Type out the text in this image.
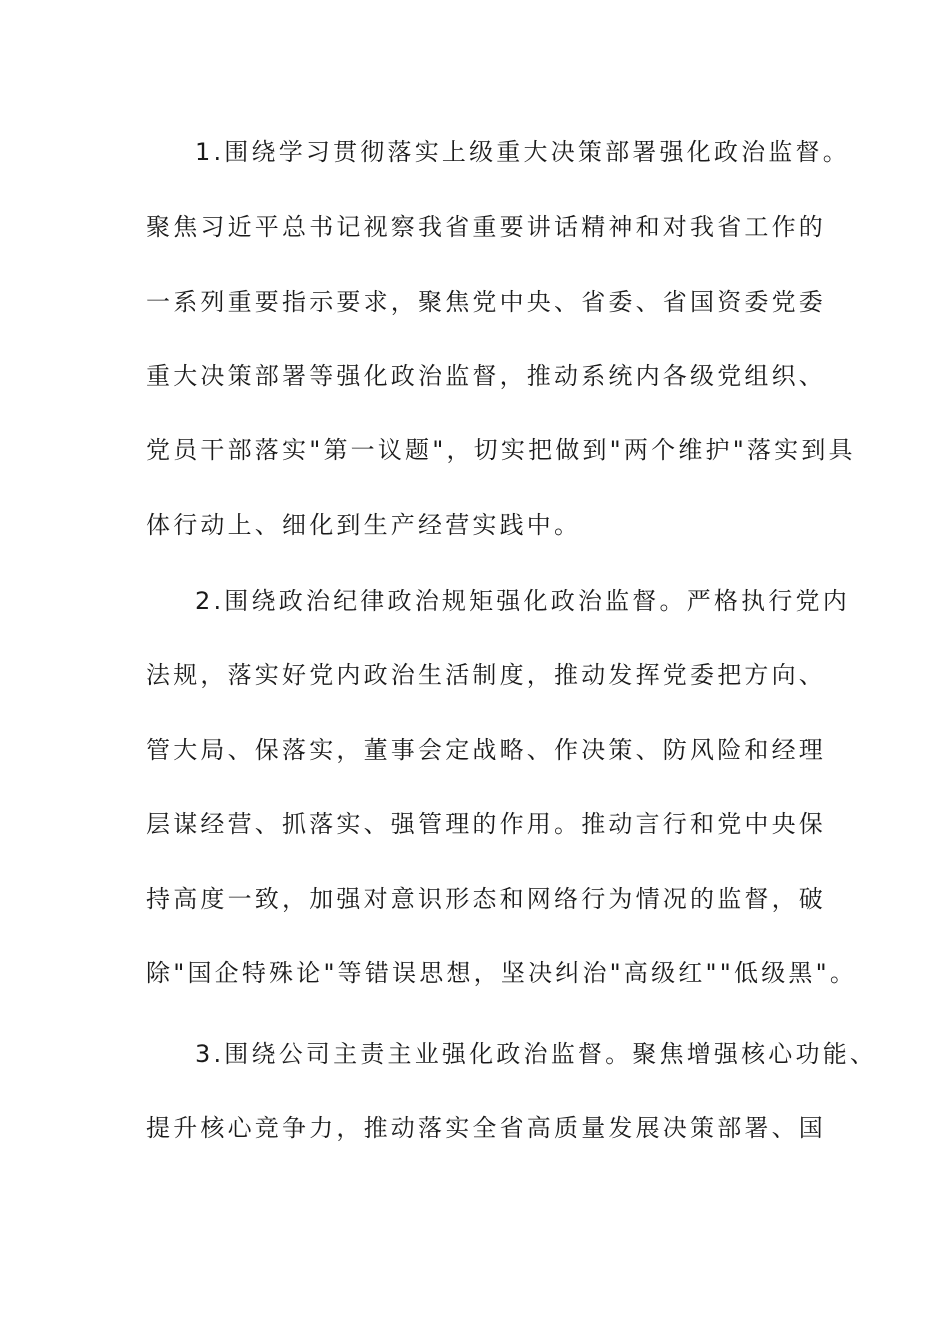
1.围绕学习贯彻落实上级重大决策部署强化政治监督。
聚焦习近平总书记视察我省重要讲话精神和对我省工作的
一系列重要指示要求，聚焦党中央、省委、省国资委党委
重大决策部署等强化政治监督，推动系统内各级党组织、
党员干部落实"第一议题"，切实把做到"两个维护"落实到具
体行动上、细化到生产经营实践中。
2.围绕政治纪律政治规矩强化政治监督。严格执行党内
法规，落实好党内政治生活制度，推动发挥党委把方向、
管大局、保落实，董事会定战略、作决策、防风险和经理
层谋经营、抓落实、强管理的作用。推动言行和党中央保
持高度一致，加强对意识形态和网络行为情况的监督，破
除"国企特殊论"等错误思想，坚决纠治"高级红""低级黑"。
3.围绕公司主责主业强化政治监督。聚焦增强核心功能、
提升核心竞争力，推动落实全省高质量发展决策部署、国
